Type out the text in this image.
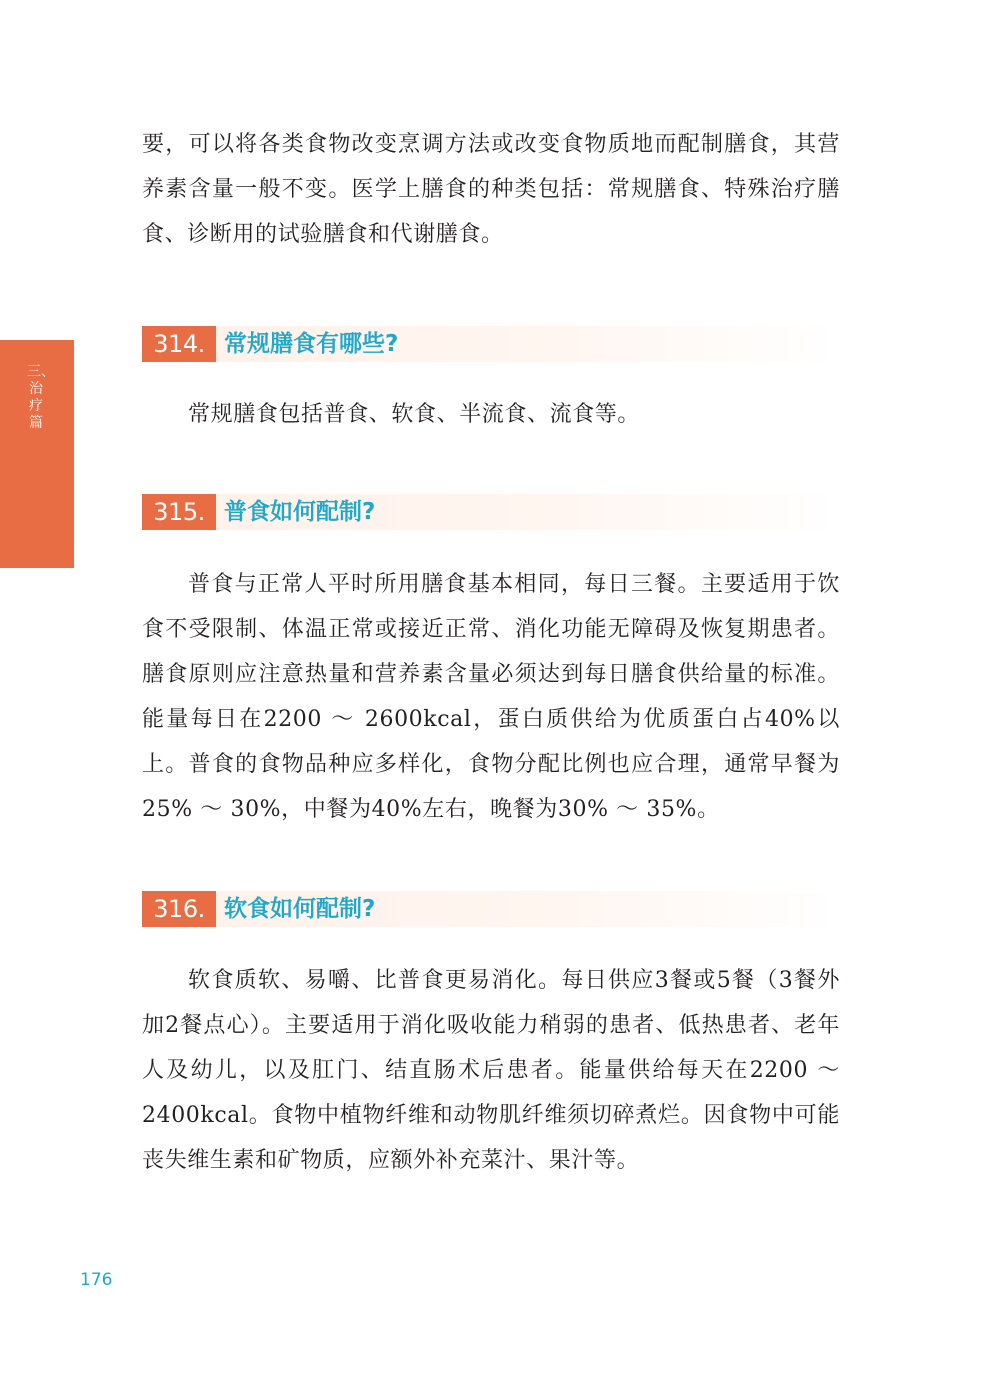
三、治疗篇

要，可以将各类食物改变烹调方法或改变食物质地而配制膳食，其营养素含量一般不变。医学上膳食的种类包括：常规膳食、特殊治疗膳食、诊断用的试验膳食和代谢膳食。

314. 常规膳食有哪些?

常规膳食包括普食、软食、半流食、流食等。

315. 普食如何配制?

普食与正常人平时所用膳食基本相同，每日三餐。主要适用于饮食不受限制、体温正常或接近正常、消化功能无障碍及恢复期患者。膳食原则应注意热量和营养素含量必须达到每日膳食供给量的标准。能量每日在2200 ～ 2600kcal，蛋白质供给为优质蛋白占40%以上。普食的食物品种应多样化，食物分配比例也应合理，通常早餐为25% ～ 30%，中餐为40%左右，晚餐为30% ～ 35%。

316. 软食如何配制?

软食质软、易嚼、比普食更易消化。每日供应3餐或5餐（3餐外加2餐点心）。主要适用于消化吸收能力稍弱的患者、低热患者、老年人及幼儿，以及肛门、结直肠术后患者。能量供给每天在2200 ～ 2400kcal。食物中植物纤维和动物肌纤维须切碎煮烂。因食物中可能丧失维生素和矿物质，应额外补充菜汁、果汁等。

176
